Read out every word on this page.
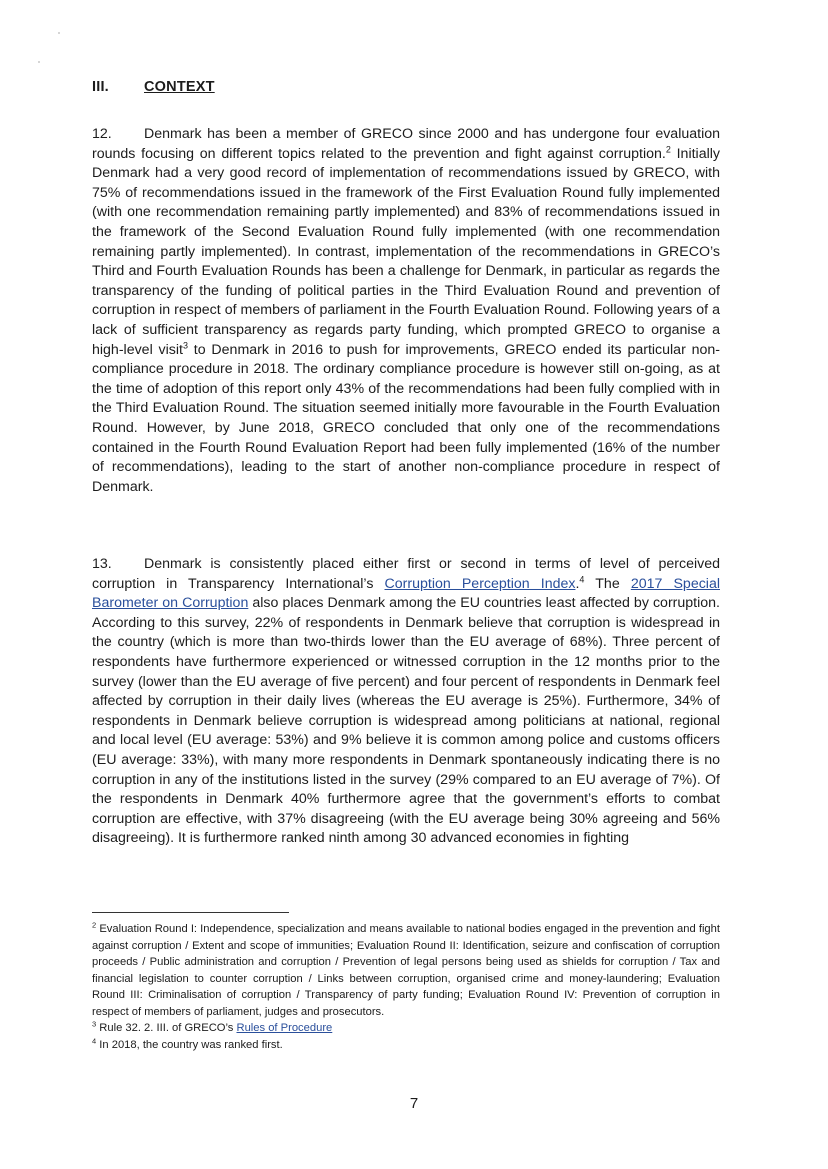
III. CONTEXT
12. Denmark has been a member of GRECO since 2000 and has undergone four evaluation rounds focusing on different topics related to the prevention and fight against corruption.$^2$ Initially Denmark had a very good record of implementation of recommendations issued by GRECO, with 75% of recommendations issued in the framework of the First Evaluation Round fully implemented (with one recommendation remaining partly implemented) and 83% of recommendations issued in the framework of the Second Evaluation Round fully implemented (with one recommendation remaining partly implemented). In contrast, implementation of the recommendations in GRECO’s Third and Fourth Evaluation Rounds has been a challenge for Denmark, in particular as regards the transparency of the funding of political parties in the Third Evaluation Round and prevention of corruption in respect of members of parliament in the Fourth Evaluation Round. Following years of a lack of sufficient transparency as regards party funding, which prompted GRECO to organise a high-level visit$^3$ to Denmark in 2016 to push for improvements, GRECO ended its particular non-compliance procedure in 2018. The ordinary compliance procedure is however still on-going, as at the time of adoption of this report only 43% of the recommendations had been fully complied with in the Third Evaluation Round. The situation seemed initially more favourable in the Fourth Evaluation Round. However, by June 2018, GRECO concluded that only one of the recommendations contained in the Fourth Round Evaluation Report had been fully implemented (16% of the number of recommendations), leading to the start of another non-compliance procedure in respect of Denmark.
13. Denmark is consistently placed either first or second in terms of level of perceived corruption in Transparency International’s Corruption Perception Index.$^4$ The 2017 Special Barometer on Corruption also places Denmark among the EU countries least affected by corruption. According to this survey, 22% of respondents in Denmark believe that corruption is widespread in the country (which is more than two-thirds lower than the EU average of 68%). Three percent of respondents have furthermore experienced or witnessed corruption in the 12 months prior to the survey (lower than the EU average of five percent) and four percent of respondents in Denmark feel affected by corruption in their daily lives (whereas the EU average is 25%). Furthermore, 34% of respondents in Denmark believe corruption is widespread among politicians at national, regional and local level (EU average: 53%) and 9% believe it is common among police and customs officers (EU average: 33%), with many more respondents in Denmark spontaneously indicating there is no corruption in any of the institutions listed in the survey (29% compared to an EU average of 7%). Of the respondents in Denmark 40% furthermore agree that the government’s efforts to combat corruption are effective, with 37% disagreeing (with the EU average being 30% agreeing and 56% disagreeing). It is furthermore ranked ninth among 30 advanced economies in fighting

$^2$ Evaluation Round I: Independence, specialization and means available to national bodies engaged in the prevention and fight against corruption / Extent and scope of immunities; Evaluation Round II: Identification, seizure and confiscation of corruption proceeds / Public administration and corruption / Prevention of legal persons being used as shields for corruption / Tax and financial legislation to counter corruption / Links between corruption, organised crime and money-laundering; Evaluation Round III: Criminalisation of corruption / Transparency of party funding; Evaluation Round IV: Prevention of corruption in respect of members of parliament, judges and prosecutors.

$^3$ Rule 32. 2. III. of GRECO’s Rules of Procedure

$^4$ In 2018, the country was ranked first.

7
